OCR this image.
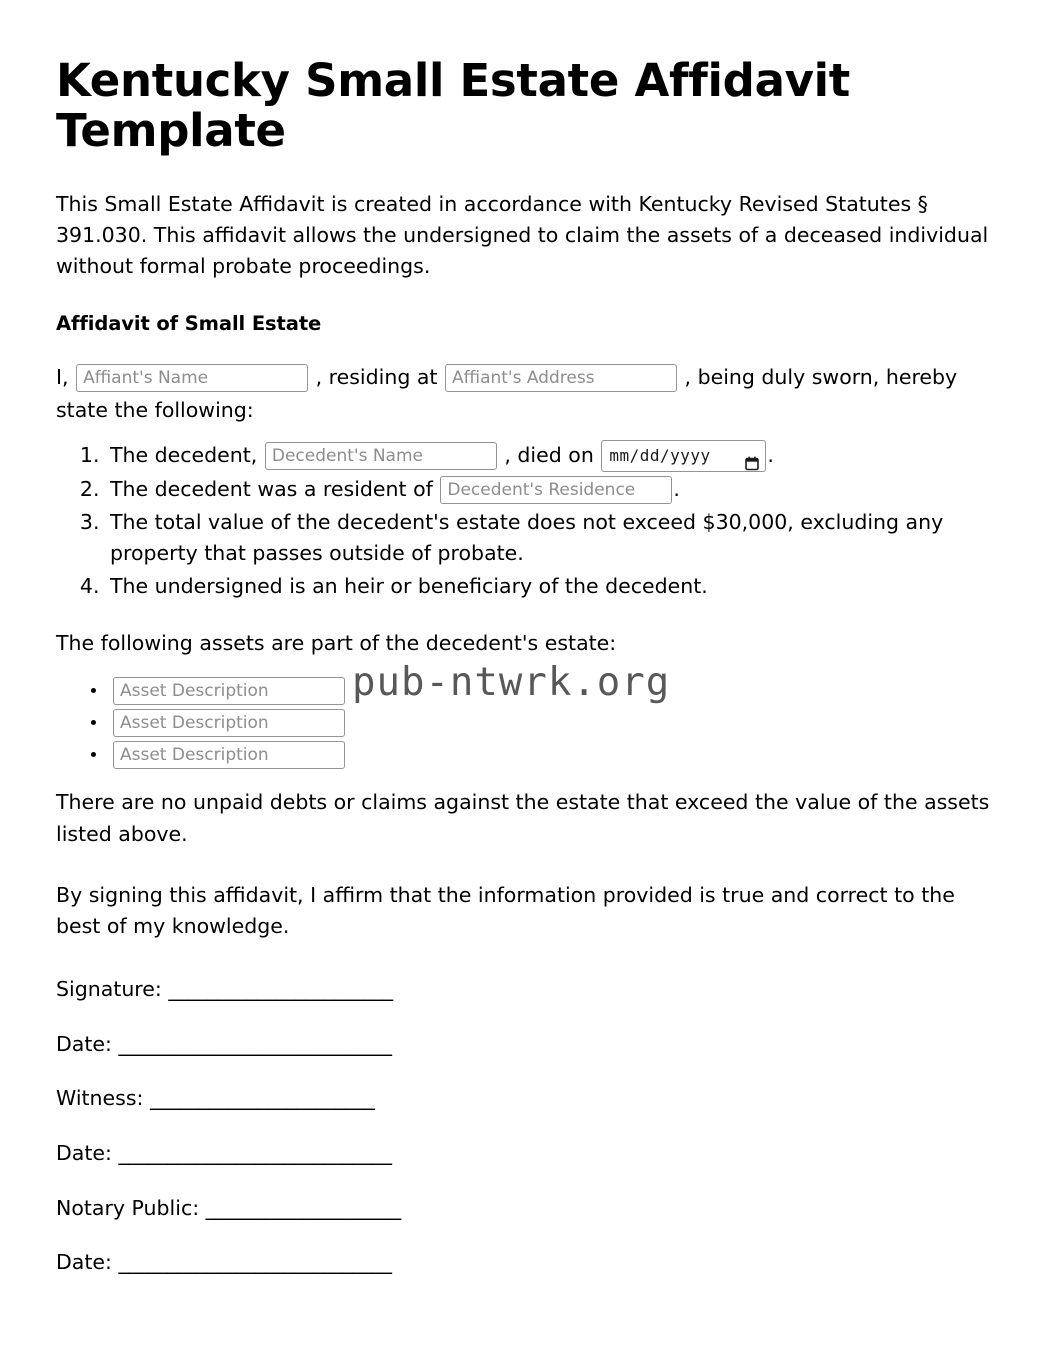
Kentucky Small Estate Affidavit Template

This Small Estate Affidavit is created in accordance with Kentucky Revised Statutes § 391.030. This affidavit allows the undersigned to claim the assets of a deceased individual without formal probate proceedings.

Affidavit of Small Estate

I, Affiant's Name	, residing at Affiant's Address	, being duly sworn, hereby state the following:

1. The decedent, Decedent's Name	, died on mm/dd/yyyy	.
2. The decedent was a resident of Decedent's Residence	.
3. The total value of the decedent's estate does not exceed $30,000, excluding any property that passes outside of probate.
4. The undersigned is an heir or beneficiary of the decedent.

The following assets are part of the decedent's estate:

•
Asset Description
•
Asset Description
•
Asset Description

There are no unpaid debts or claims against the estate that exceed the value of the assets listed above.

By signing this affidavit, I affirm that the information provided is true and correct to the best of my knowledge.

Signature: _______________________

Date: ____________________________

Witness: _______________________

Date: ____________________________

Notary Public: ____________________

Date: ____________________________

pub-ntwrk.org
